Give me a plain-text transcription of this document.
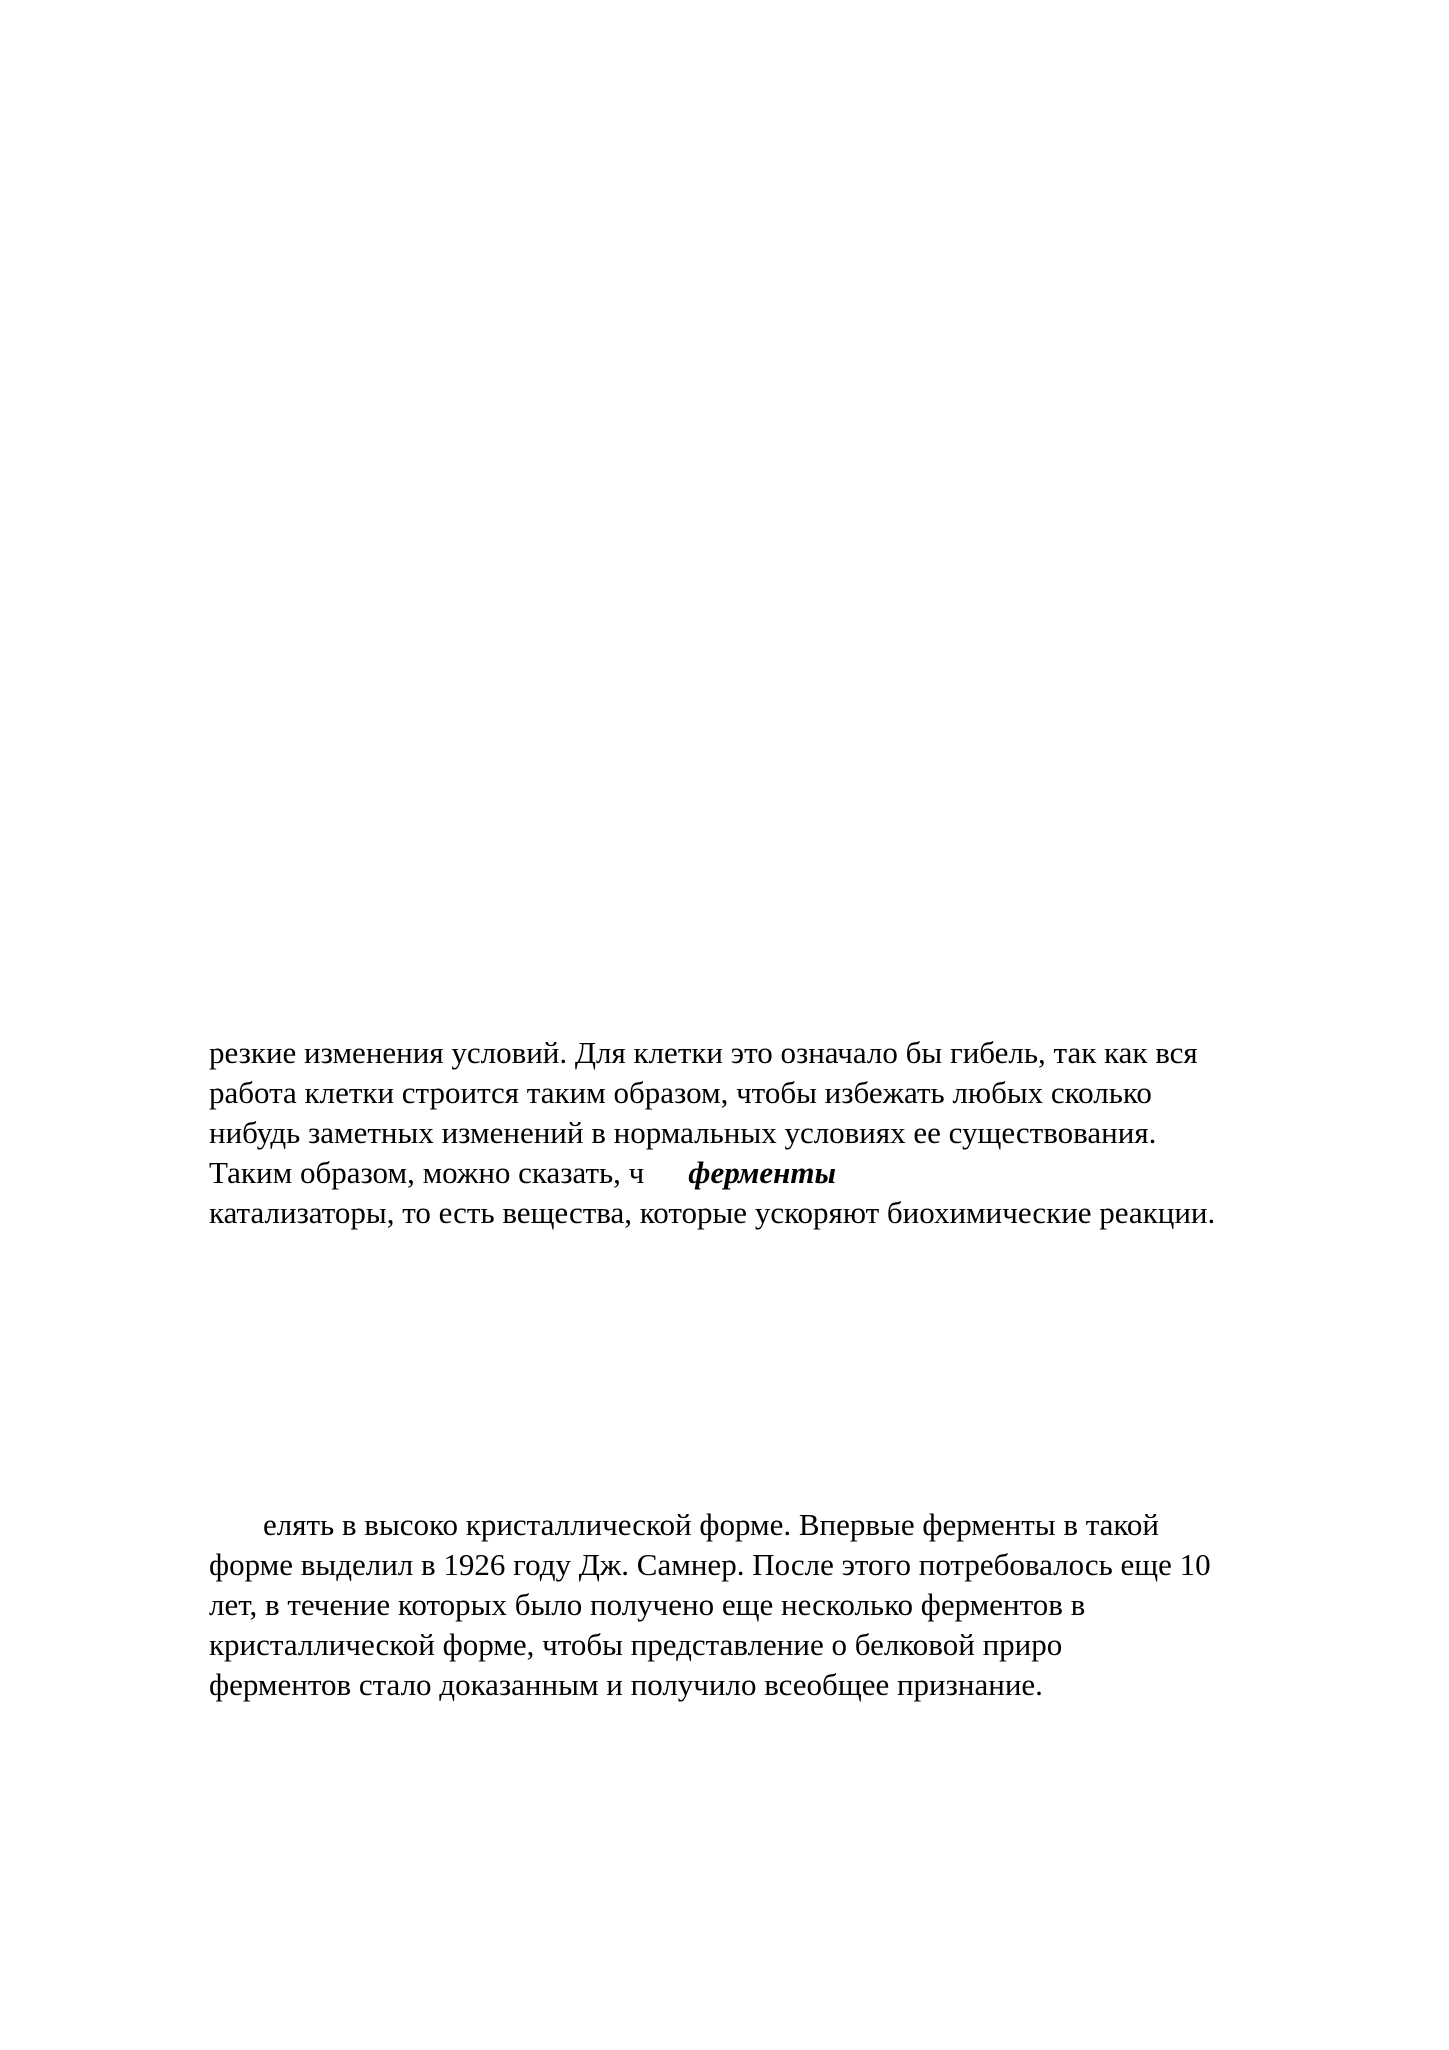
резкие изменения условий. Для клетки это означало бы гибель, так как вся
работа клетки строится таким образом, чтобы избежать любых сколько
нибудь заметных изменений в нормальных условиях ее существования.
Таким образом, можно сказать, ч ферменты
катализаторы, то есть вещества, которые ускоряют биохимические реакции.
елять в высоко кристаллической форме. Впервые ферменты в такой
форме выделил в 1926 году Дж. Самнер. После этого потребовалось еще 10
лет, в течение которых было получено еще несколько ферментов в
кристаллической форме, чтобы представление о белковой приро
ферментов стало доказанным и получило всеобщее признание.
